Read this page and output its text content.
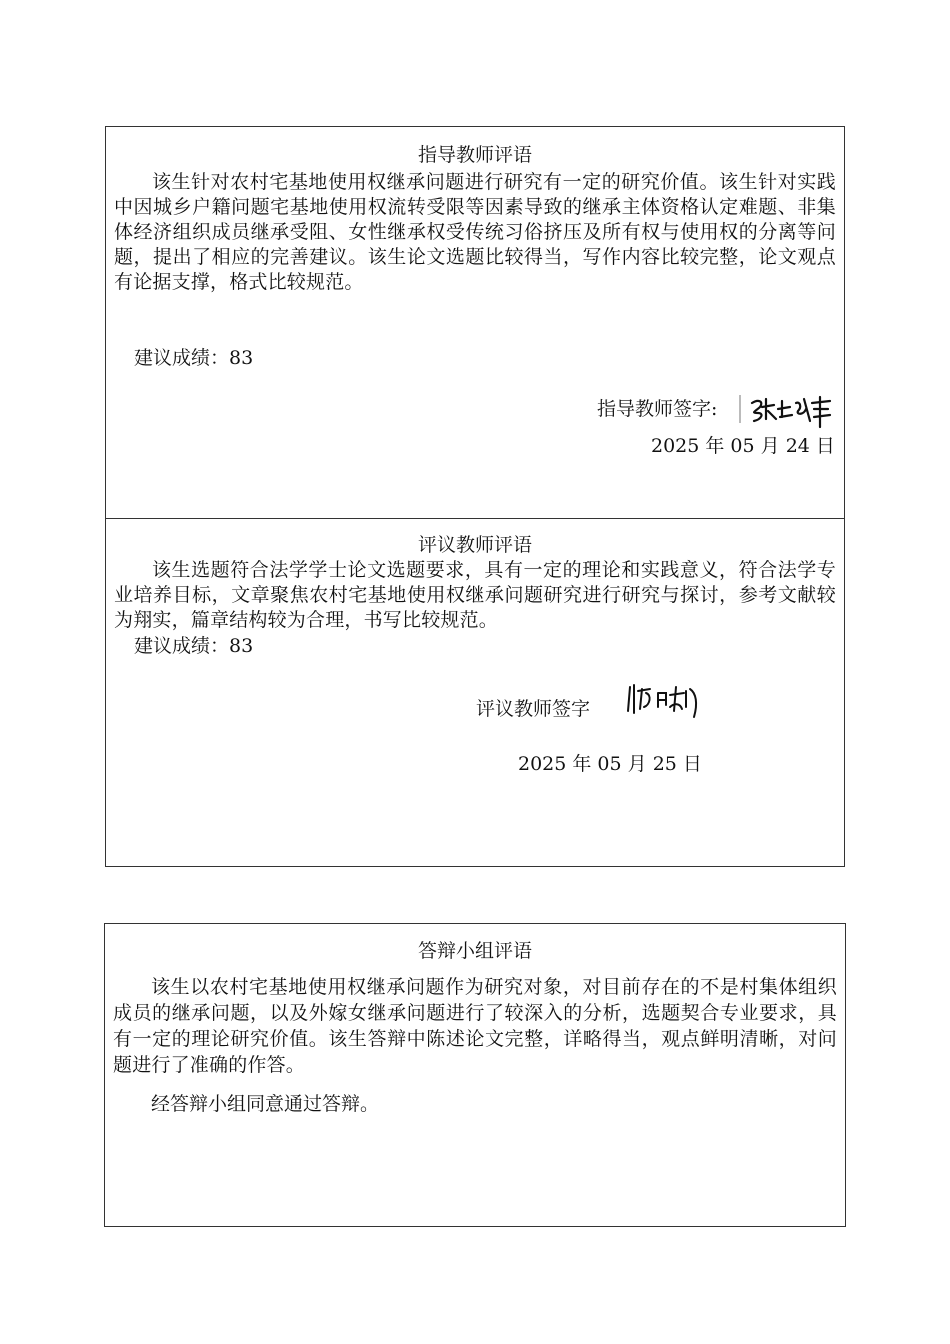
指导教师评语
该生针对农村宅基地使用权继承问题进行研究有一定的研究价值。该生针对实践中因城乡户籍问题宅基地使用权流转受限等因素导致的继承主体资格认定难题、非集体经济组织成员继承受阻、女性继承权受传统习俗挤压及所有权与使用权的分离等问题，提出了相应的完善建议。该生论文选题比较得当，写作内容比较完整，论文观点有论据支撑，格式比较规范。
建议成绩：83
指导教师签字:
2025 年 05 月 24 日
评议教师评语
该生选题符合法学学士论文选题要求，具有一定的理论和实践意义，符合法学专业培养目标，文章聚焦农村宅基地使用权继承问题研究进行研究与探讨，参考文献较为翔实，篇章结构较为合理，书写比较规范。
建议成绩：83
评议教师签字
2025 年 05 月 25 日
答辩小组评语
该生以农村宅基地使用权继承问题作为研究对象，对目前存在的不是村集体组织成员的继承问题，以及外嫁女继承问题进行了较深入的分析，选题契合专业要求，具有一定的理论研究价值。该生答辩中陈述论文完整，详略得当，观点鲜明清晰，对问题进行了准确的作答。
经答辩小组同意通过答辩。
